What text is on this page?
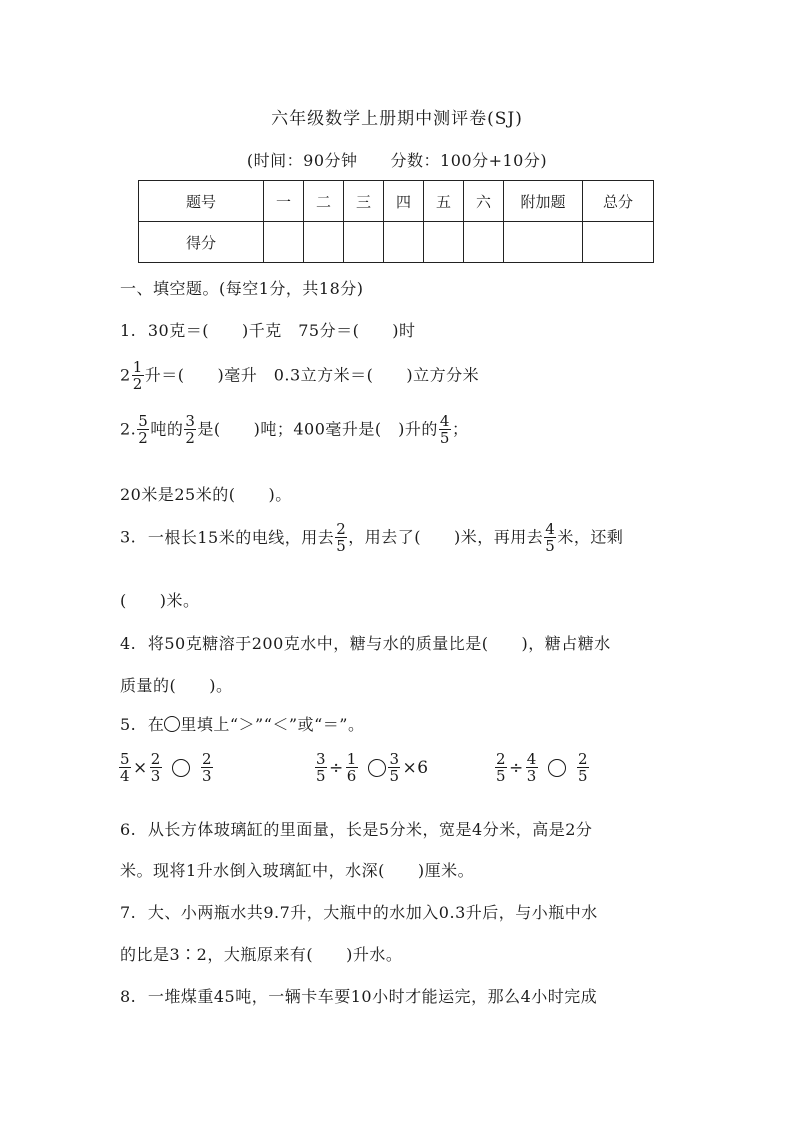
六年级数学上册期中测评卷(SJ)
(时间：90分钟　　分数：100分+10分)
题号	一	二	三	四	五	六	附加题	总分
得分								
一、填空题。(每空1分，共18分)
1. 30克＝(　　)千克　75分＝(　　)时
$2 \frac{1}{2}$ 升＝(　　)毫升　0.3立方米＝(　　)立方分米
2. $\frac{5}{2}$ 吨的 $\frac{3}{2}$ 是(　　)吨；400毫升是(　)升的 $\frac{4}{5}$ ；
20米是25米的(　　)。
3. 一根长15米的电线，用去 $\frac{2}{5}$ ，用去了(　　)米，再用去 $\frac{4}{5}$ 米，还剩
(　　)米。
4. 将50克糖溶于200克水中，糖与水的质量比是(　　)，糖占糖水
质量的(　　)。
5. 在 里填上“＞”“＜”或“＝”。
$\frac{5}{4} \times \frac{2}{3}$
	$\frac{2}{3}$	$\frac{3}{5} \div \frac{1}{6}$
$\frac{3}{5} \times 6$	$\frac{2}{5} \div \frac{4}{3}$
	$\frac{2}{5}$
6. 从长方体玻璃缸的里面量，长是5分米，宽是4分米，高是2分
米。现将1升水倒入玻璃缸中，水深(　　)厘米。
7. 大、小两瓶水共9.7升，大瓶中的水加入0.3升后，与小瓶中水
的比是3∶2，大瓶原来有(　　)升水。
8. 一堆煤重45吨，一辆卡车要10小时才能运完，那么4小时完成
